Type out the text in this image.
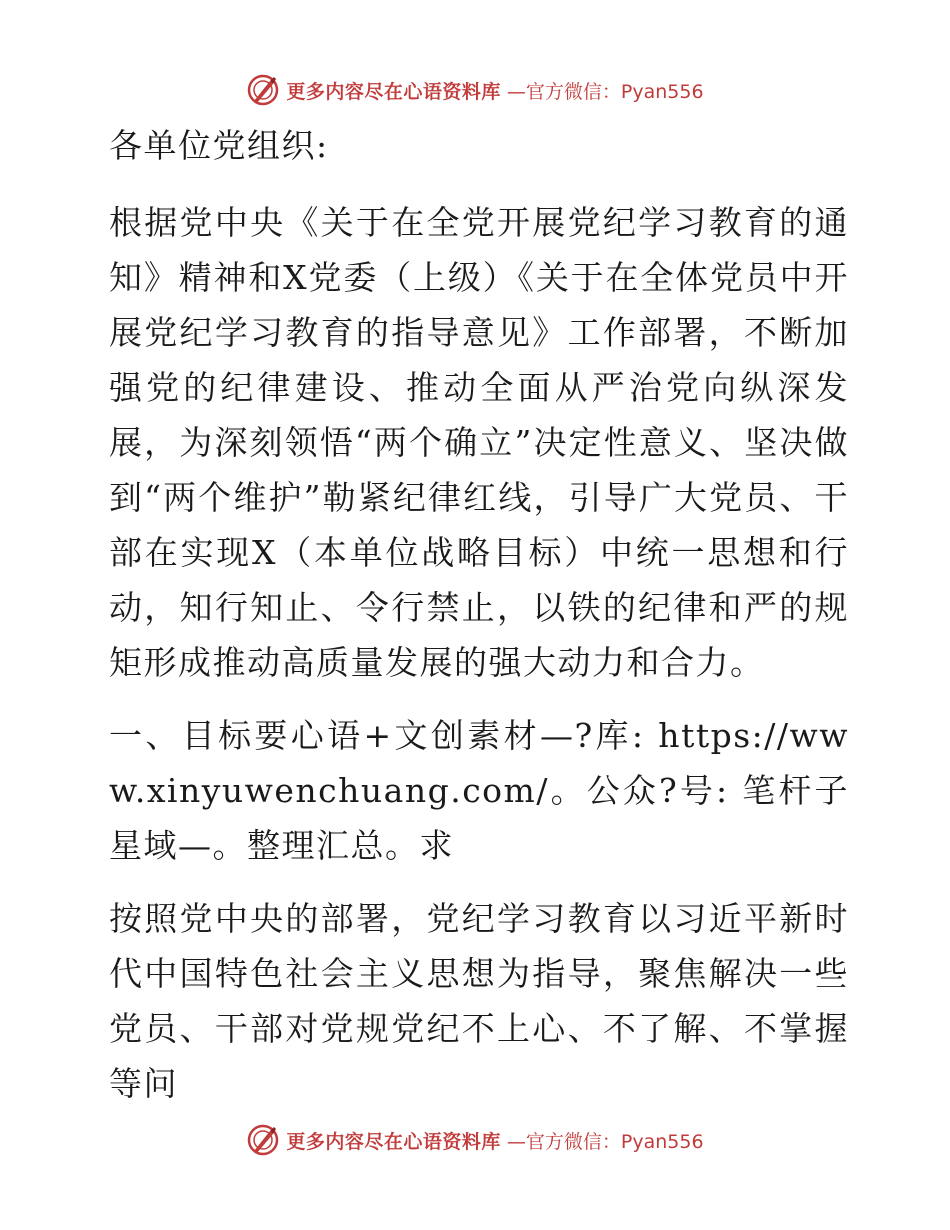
更多内容尽在心语资料库 —官方微信：Pyan556

各单位党组织:

根据党中央《关于在全党开展党纪学习教育的通知》精神和X党委（上级）《关于在全体党员中开展党纪学习教育的指导意见》工作部署，不断加强党的纪律建设、推动全面从严治党向纵深发展，为深刻领悟“两个确立”决定性意义、坚决做到“两个维护”勒紧纪律红线，引导广大党员、干部在实现X（本单位战略目标）中统一思想和行动，知行知止、令行禁止，以铁的纪律和严的规矩形成推动高质量发展的强大动力和合力。

一、目标要心语+文创素材—?库: https://www.xinyuwenchuang.com/。公众?号: 笔杆子星域—。整理汇总。求

按照党中央的部署，党纪学习教育以习近平新时代中国特色社会主义思想为指导，聚焦解决一些党员、干部对党规党纪不上心、不了解、不掌握等问

更多内容尽在心语资料库 —官方微信：Pyan556
